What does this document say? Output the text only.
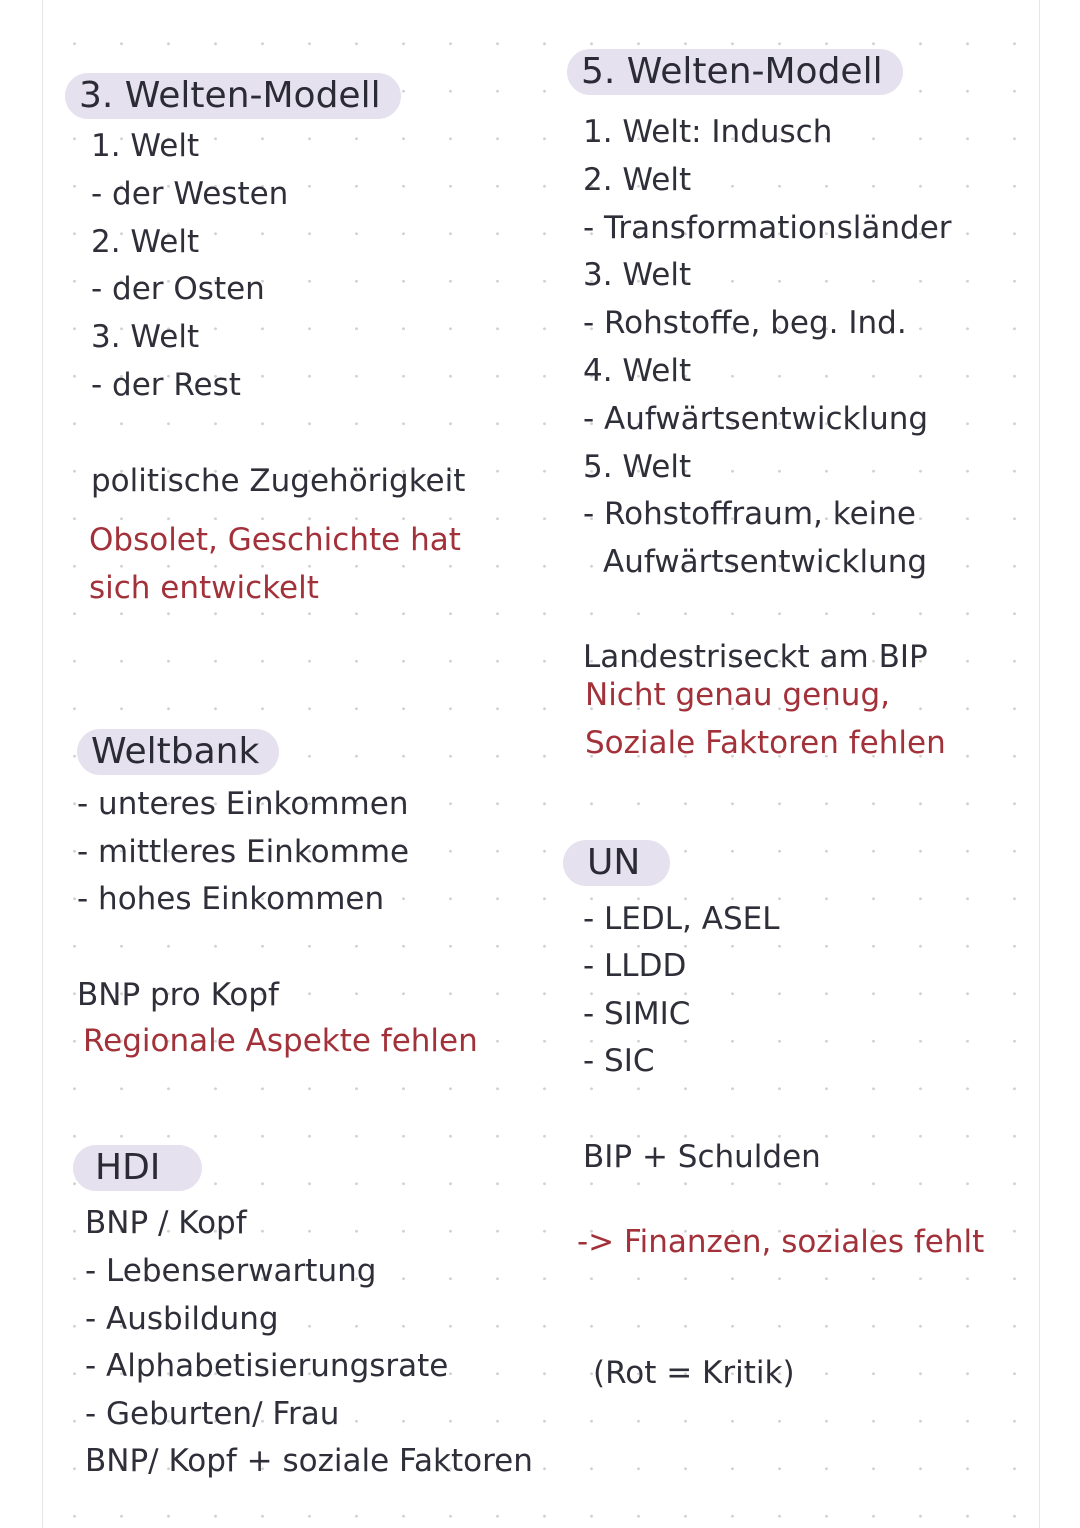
3. Welten-Modell
1. Welt
- der Westen
2. Welt
- der Osten
3. Welt
- der Rest
politische Zugehörigkeit
Obsolet, Geschichte hat
sich entwickelt
Weltbank
- unteres Einkommen
- mittleres Einkomme
- hohes Einkommen
BNP pro Kopf
Regionale Aspekte fehlen
HDI
BNP / Kopf
- Lebenserwartung
- Ausbildung
- Alphabetisierungsrate
- Geburten/ Frau
BNP/ Kopf + soziale Faktoren
5. Welten-Modell
1. Welt: Indusch
2. Welt
- Transformationsländer
3. Welt
- Rohstoffe, beg. Ind.
4. Welt
- Aufwärtsentwicklung
5. Welt
- Rohstoffraum, keine
Aufwärtsentwicklung
Landestriseckt am BIP
Nicht genau genug,
Soziale Faktoren fehlen
UN
- LEDL, ASEL
- LLDD
- SIMIC
- SIC
BIP + Schulden
-> Finanzen, soziales fehlt
(Rot = Kritik)
